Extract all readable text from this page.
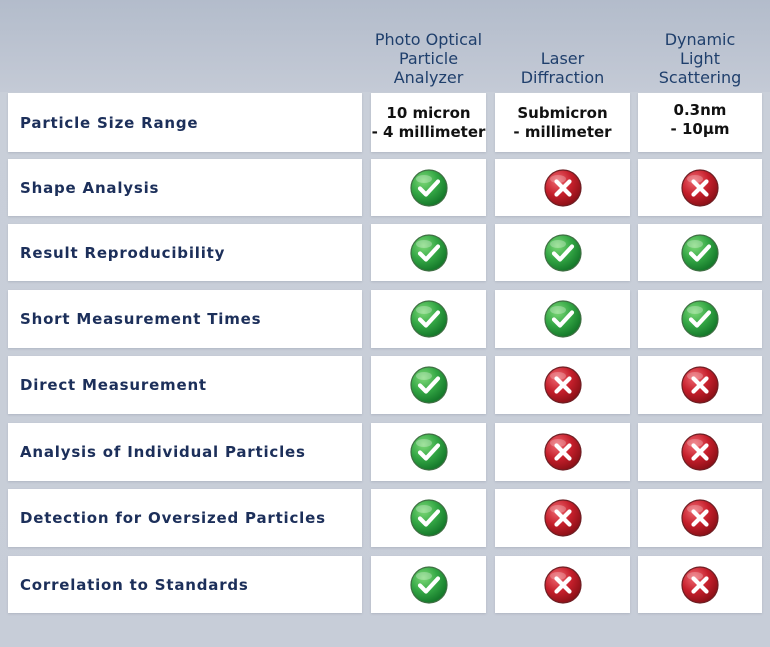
Photo Optical
Particle
Analyzer
Laser
Diffraction
Dynamic
Light
Scattering
Particle Size Range
10 micron
- 4 millimeter
Submicron
- millimeter
0.3nm
- 10µm
Shape Analysis
Result Reproducibility
Short Measurement Times
Direct Measurement
Analysis of Individual Particles
Detection for Oversized Particles
Correlation to Standards
